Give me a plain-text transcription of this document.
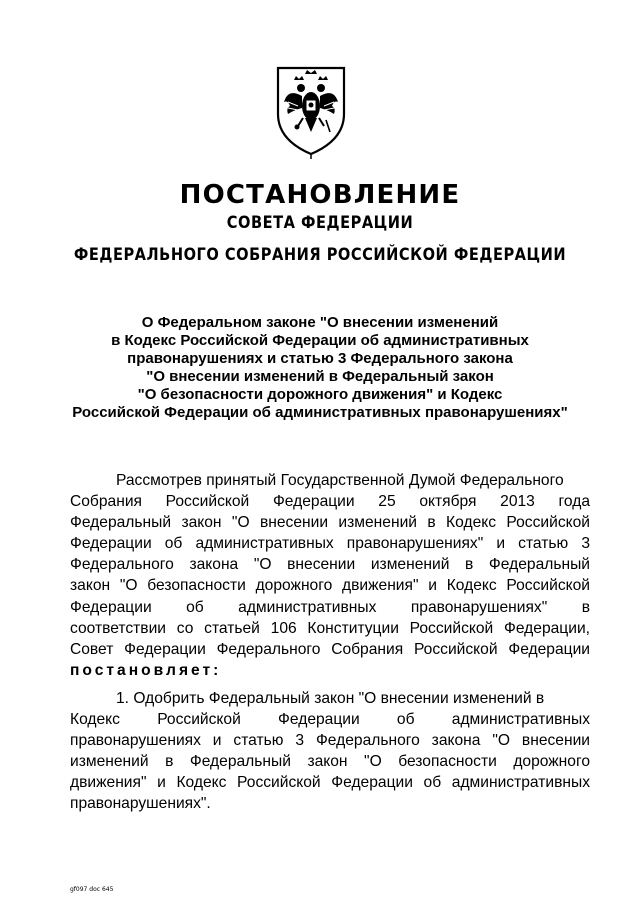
ПОСТАНОВЛЕНИЕ
СОВЕТА ФЕДЕРАЦИИ
ФЕДЕРАЛЬНОГО СОБРАНИЯ РОССИЙСКОЙ ФЕДЕРАЦИИ
О Федеральном законе "О внесении изменений
в Кодекс Российской Федерации об административных
правонарушениях и статью 3 Федерального закона
"О внесении изменений в Федеральный закон
"О безопасности дорожного движения" и Кодекс
Российской Федерации об административных правонарушениях"
Рассмотрев принятый Государственной Думой Федерального
Собрания Российской Федерации 25 октября 2013 года
Федеральный закон "О внесении изменений в Кодекс Российской
Федерации об административных правонарушениях" и статью 3
Федерального закона "О внесении изменений в Федеральный
закон "О безопасности дорожного движения" и Кодекс Российской
Федерации об административных правонарушениях" в
соответствии со статьей 106 Конституции Российской Федерации,
Совет Федерации Федерального Собрания Российской Федерации
постановляет:
1. Одобрить Федеральный закон "О внесении изменений в
Кодекс Российской Федерации об административных
правонарушениях и статью 3 Федерального закона "О внесении
изменений в Федеральный закон "О безопасности дорожного
движения" и Кодекс Российской Федерации об административных
правонарушениях".
gf097 doc 645
